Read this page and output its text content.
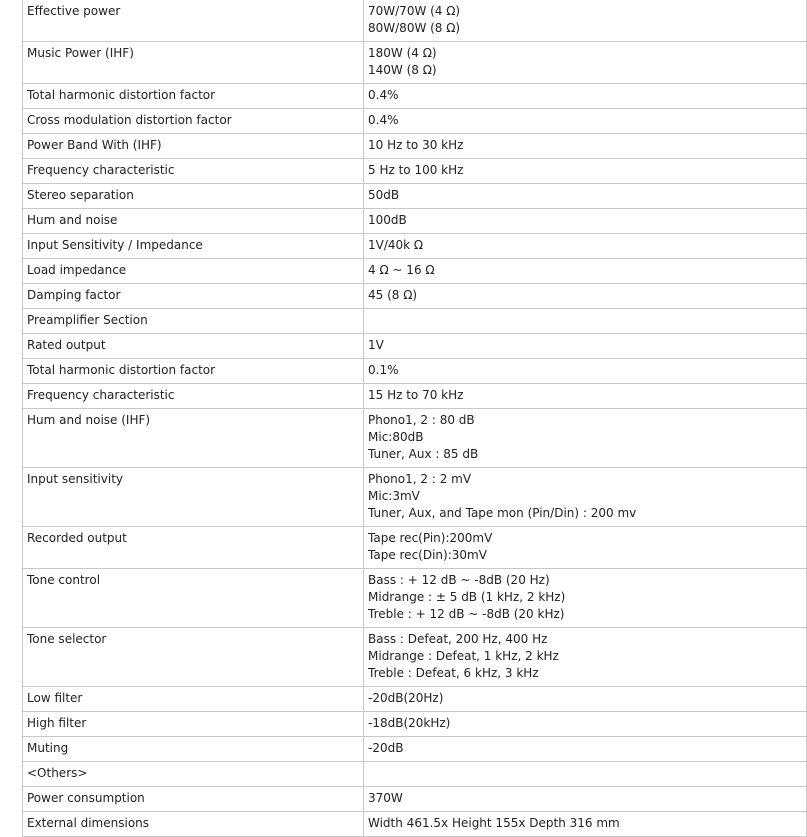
Effective power	70W/70W (4 Ω)
80W/80W (8 Ω)

Music Power (IHF)	180W (4 Ω)
140W (8 Ω)

Total harmonic distortion factor	0.4%

Cross modulation distortion factor	0.4%

Power Band With (IHF)	10 Hz to 30 kHz

Frequency characteristic	5 Hz to 100 kHz

Stereo separation	50dB

Hum and noise	100dB

Input Sensitivity / Impedance	1V/40k Ω

Load impedance	4 Ω ~ 16 Ω

Damping factor	45 (8 Ω)

Preamplifier Section	
Rated output	1V

Total harmonic distortion factor	0.1%

Frequency characteristic	15 Hz to 70 kHz

Hum and noise (IHF)	Phono1, 2 : 80 dB
Mic:80dB
Tuner, Aux : 85 dB

Input sensitivity	Phono1, 2 : 2 mV
Mic:3mV
Tuner, Aux, and Tape mon (Pin/Din) : 200 mv

Recorded output	Tape rec(Pin):200mV
Tape rec(Din):30mV

Tone control	Bass : + 12 dB ~ -8dB (20 Hz)
Midrange : ± 5 dB (1 kHz, 2 kHz)
Treble : + 12 dB ~ -8dB (20 kHz)

Tone selector	Bass : Defeat, 200 Hz, 400 Hz
Midrange : Defeat, 1 kHz, 2 kHz
Treble : Defeat, 6 kHz, 3 kHz

Low filter	-20dB(20Hz)

High filter	-18dB(20kHz)

Muting	-20dB

<Others>	
Power consumption	370W

External dimensions	Width 461.5x Height 155x Depth 316 mm
